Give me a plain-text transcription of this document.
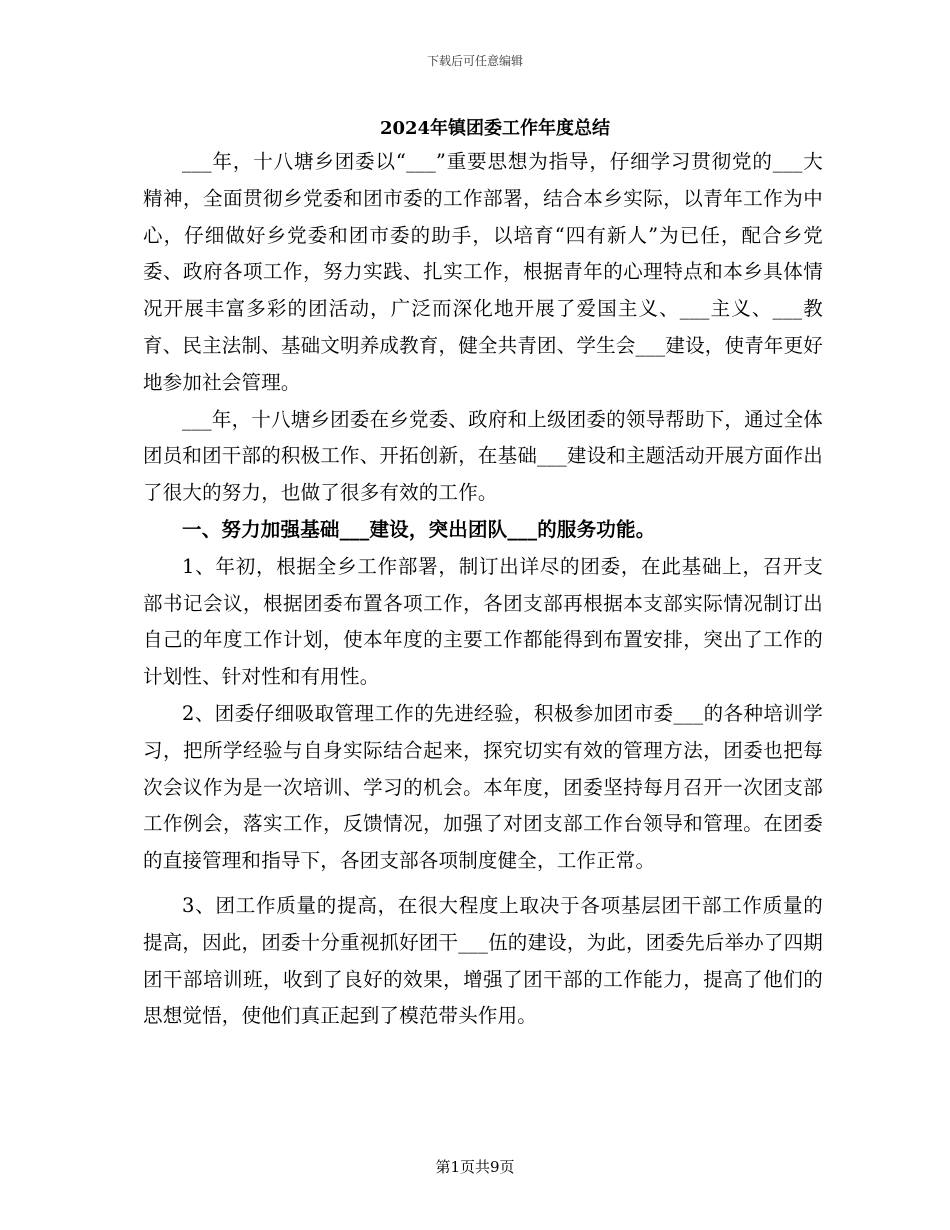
下载后可任意编辑
2024年镇团委工作年度总结

___年，十八塘乡团委以“___”重要思想为指导，仔细学习贯彻党的___大精神，全面贯彻乡党委和团市委的工作部署，结合本乡实际，以青年工作为中心，仔细做好乡党委和团市委的助手，以培育“四有新人”为已任，配合乡党委、政府各项工作，努力实践、扎实工作，根据青年的心理特点和本乡具体情况开展丰富多彩的团活动，广泛而深化地开展了爱国主义、___主义、___教育、民主法制、基础文明养成教育，健全共青团、学生会___建设，使青年更好地参加社会管理。

___年，十八塘乡团委在乡党委、政府和上级团委的领导帮助下，通过全体团员和团干部的积极工作、开拓创新，在基础___建设和主题活动开展方面作出了很大的努力，也做了很多有效的工作。

一、努力加强基础___建设，突出团队___的服务功能。

1、年初，根据全乡工作部署，制订出详尽的团委，在此基础上，召开支部书记会议，根据团委布置各项工作，各团支部再根据本支部实际情况制订出自己的年度工作计划，使本年度的主要工作都能得到布置安排，突出了工作的计划性、针对性和有用性。

2、团委仔细吸取管理工作的先进经验，积极参加团市委___的各种培训学习，把所学经验与自身实际结合起来，探究切实有效的管理方法，团委也把每次会议作为是一次培训、学习的机会。本年度，团委坚持每月召开一次团支部工作例会，落实工作，反馈情况，加强了对团支部工作台领导和管理。在团委的直接管理和指导下，各团支部各项制度健全，工作正常。

3、团工作质量的提高，在很大程度上取决于各项基层团干部工作质量的提高，因此，团委十分重视抓好团干___伍的建设，为此，团委先后举办了四期团干部培训班，收到了良好的效果，增强了团干部的工作能力，提高了他们的思想觉悟，使他们真正起到了模范带头作用。

第1页共9页
